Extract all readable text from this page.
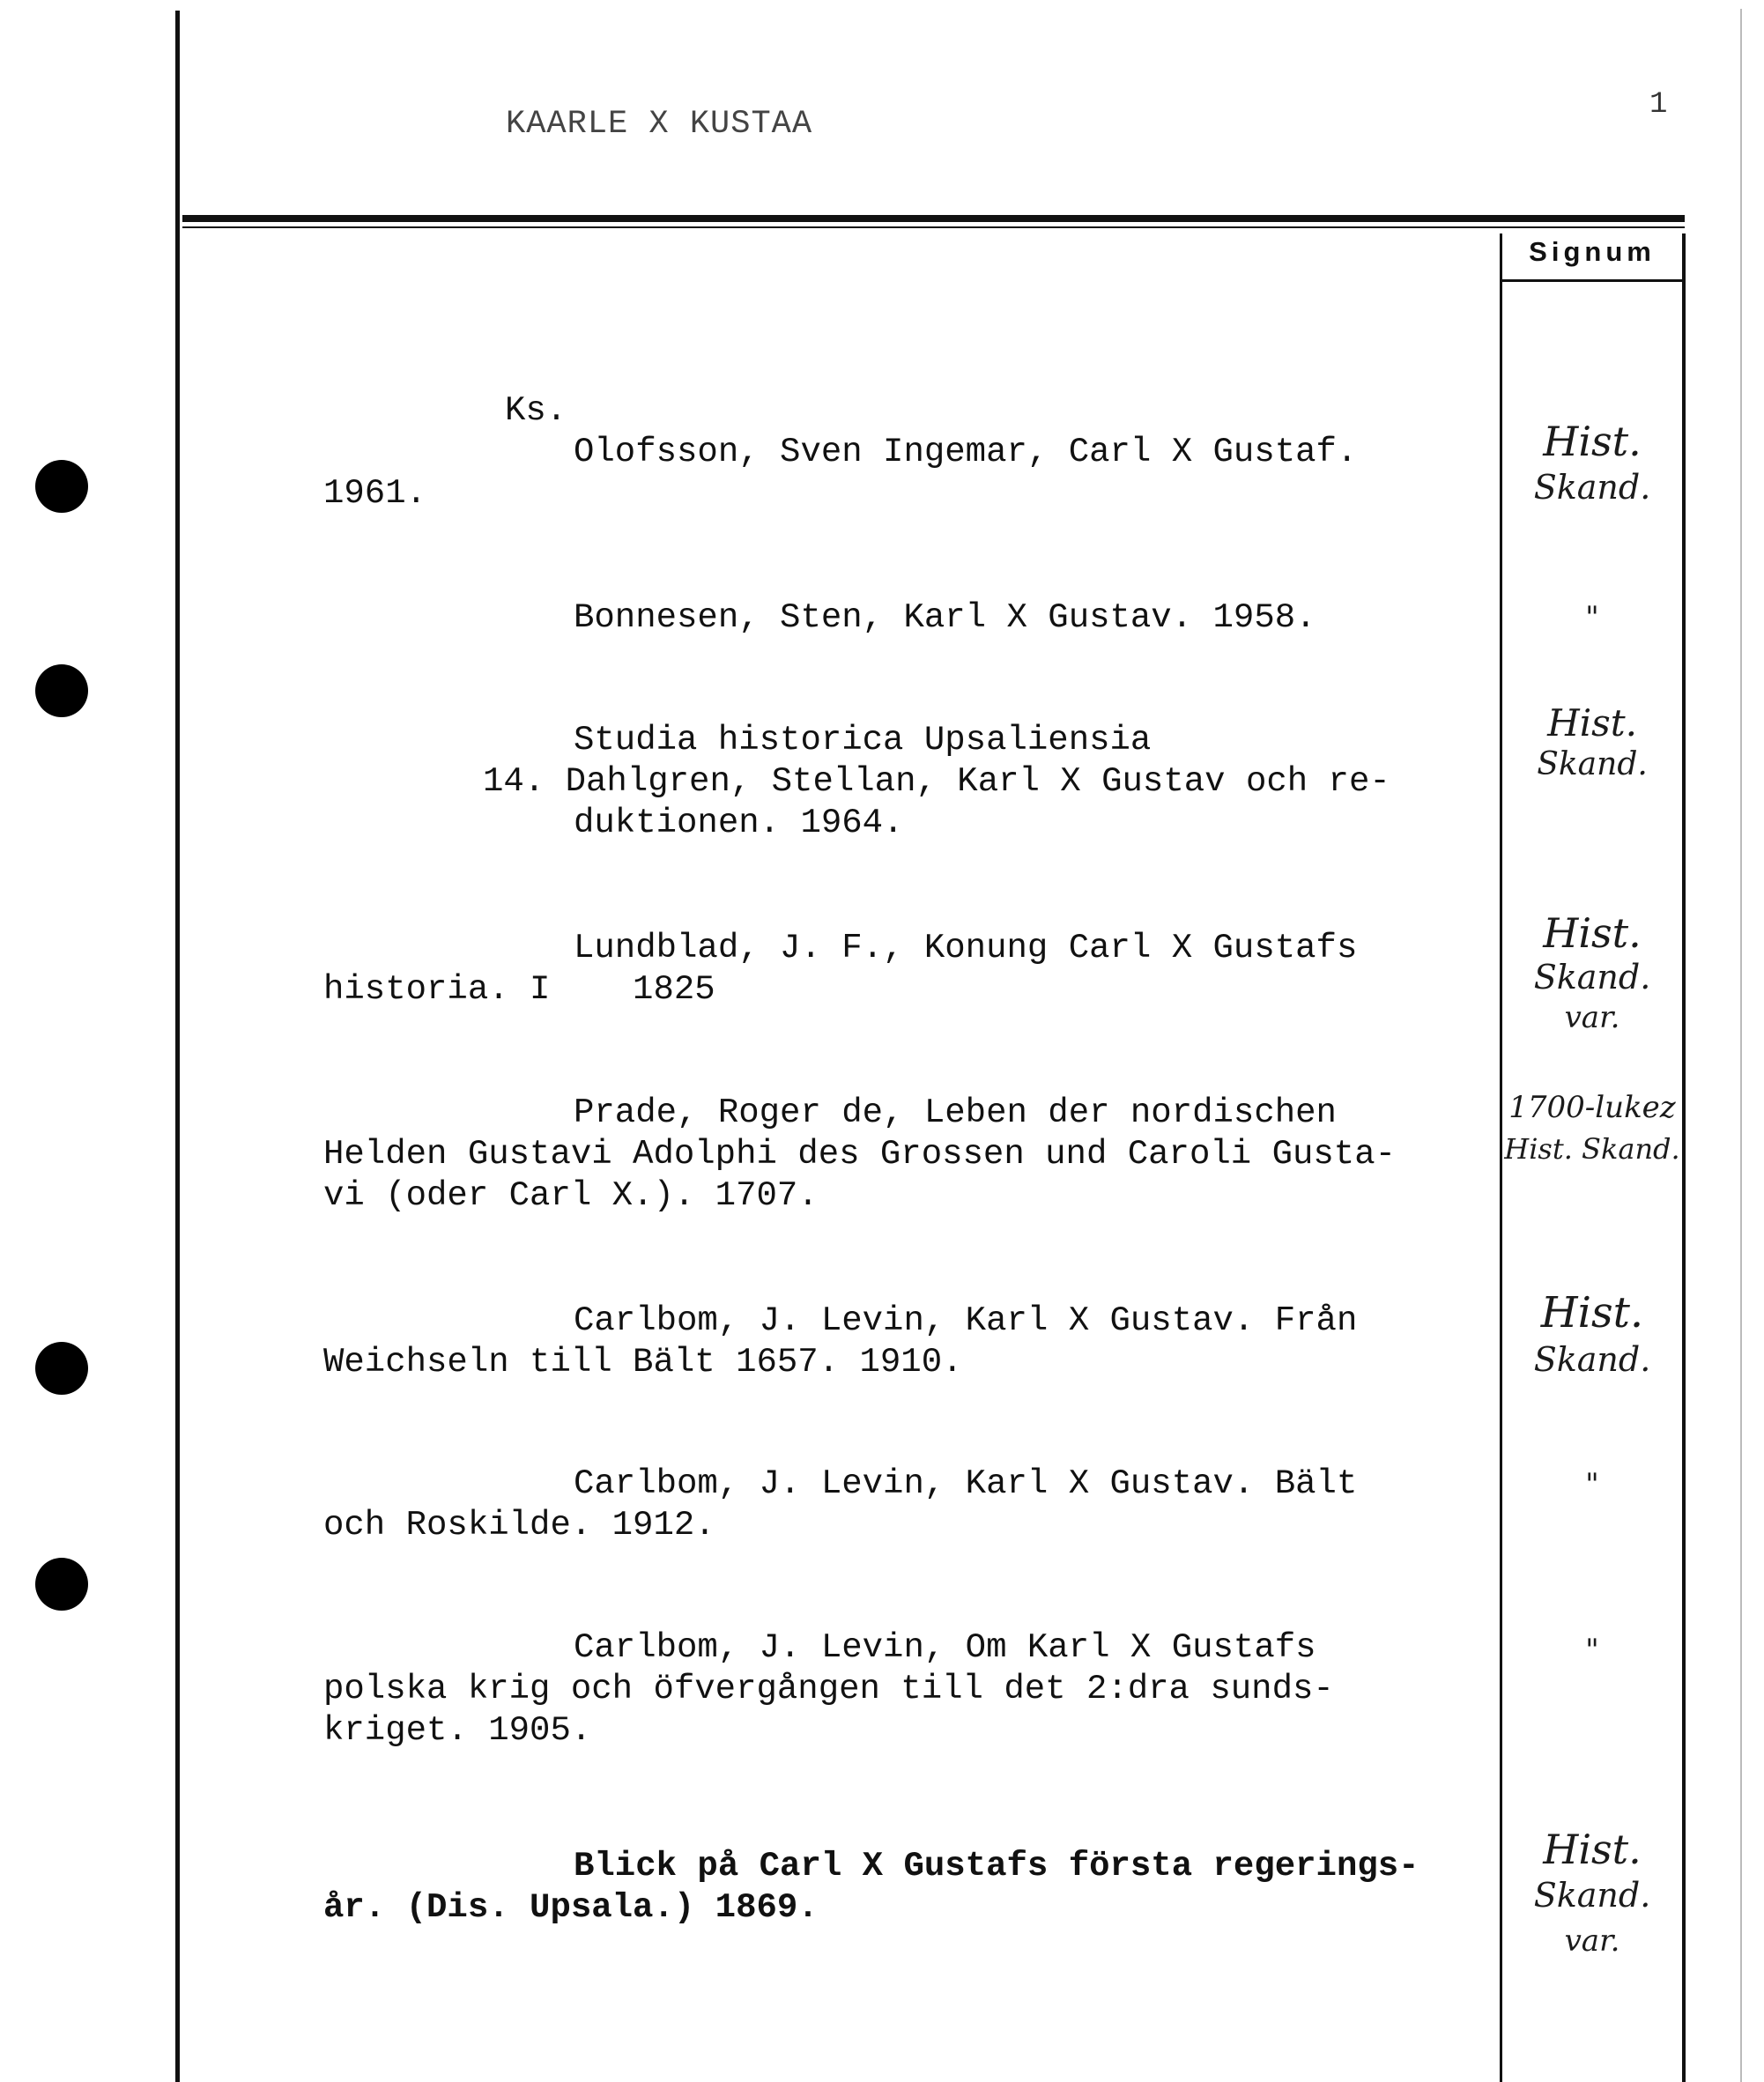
KAARLE X KUSTAA
1
Signum
Ks.
Olofsson, Sven Ingemar, Carl X Gustaf.
1961.
Hist.
Skand.
Bonnesen, Sten, Karl X Gustav. 1958.	"
Studia historica Upsaliensia
14. Dahlgren, Stellan, Karl X Gustav och re-
duktionen. 1964.
Hist.
Skand.
Lundblad, J. F., Konung Carl X Gustafs
historia. I    1825
Hist.
Skand.
var.
Prade, Roger de, Leben der nordischen
Helden Gustavi Adolphi des Grossen und Caroli Gusta-
vi (oder Carl X.). 1707.
1700-lukez
Hist. Skand.
Carlbom, J. Levin, Karl X Gustav. Från
Weichseln till Bält 1657. 1910.
Hist.
Skand.
Carlbom, J. Levin, Karl X Gustav. Bält
och Roskilde. 1912.
"
Carlbom, J. Levin, Om Karl X Gustafs
polska krig och öfvergången till det 2:dra sunds-
kriget. 1905.
"
Blick på Carl X Gustafs första regerings-
år. (Dis. Upsala.) 1869.
Hist.
Skand.
var.
